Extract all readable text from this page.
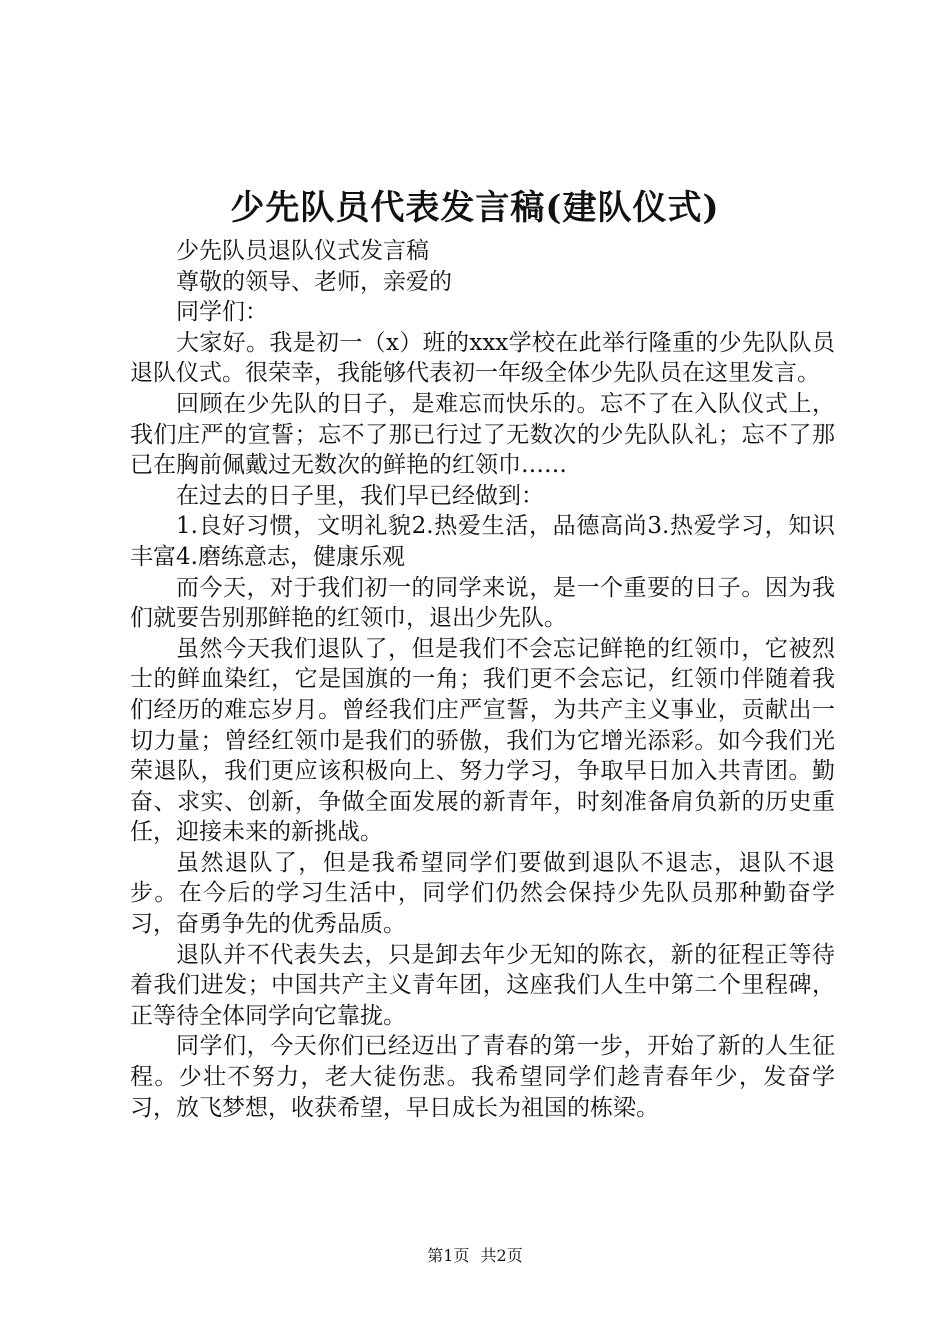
少先队员代表发言稿(建队仪式)

少先队员退队仪式发言稿

尊敬的领导、老师，亲爱的

同学们：

大家好。我是初一（x）班的xxx学校在此举行隆重的少先队队员退队仪式。很荣幸，我能够代表初一年级全体少先队员在这里发言。

回顾在少先队的日子，是难忘而快乐的。忘不了在入队仪式上，我们庄严的宣誓；忘不了那已行过了无数次的少先队队礼；忘不了那已在胸前佩戴过无数次的鲜艳的红领巾……

在过去的日子里，我们早已经做到：

1.良好习惯，文明礼貌2.热爱生活，品德高尚3.热爱学习，知识丰富4.磨练意志，健康乐观

而今天，对于我们初一的同学来说，是一个重要的日子。因为我们就要告别那鲜艳的红领巾，退出少先队。

虽然今天我们退队了，但是我们不会忘记鲜艳的红领巾，它被烈士的鲜血染红，它是国旗的一角；我们更不会忘记，红领巾伴随着我们经历的难忘岁月。曾经我们庄严宣誓，为共产主义事业，贡献出一切力量；曾经红领巾是我们的骄傲，我们为它增光添彩。如今我们光荣退队，我们更应该积极向上、努力学习，争取早日加入共青团。勤奋、求实、创新，争做全面发展的新青年，时刻准备肩负新的历史重任，迎接未来的新挑战。

虽然退队了，但是我希望同学们要做到退队不退志，退队不退步。在今后的学习生活中，同学们仍然会保持少先队员那种勤奋学习，奋勇争先的优秀品质。

退队并不代表失去，只是卸去年少无知的陈衣，新的征程正等待着我们进发；中国共产主义青年团，这座我们人生中第二个里程碑，正等待全体同学向它靠拢。

同学们，今天你们已经迈出了青春的第一步，开始了新的人生征程。少壮不努力，老大徒伤悲。我希望同学们趁青春年少，发奋学习，放飞梦想，收获希望，早日成长为祖国的栋梁。

第1页 共2页
